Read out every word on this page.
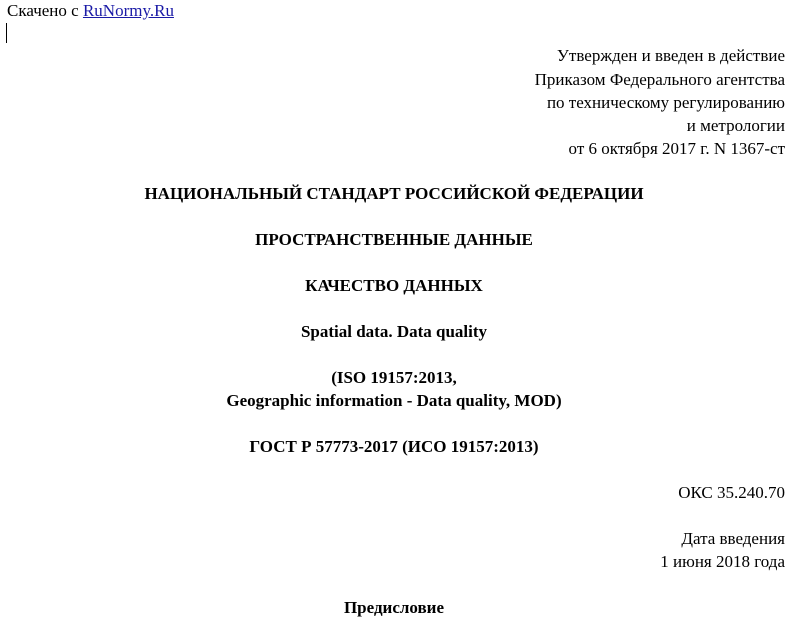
Скачено с RuNormy.Ru
Утвержден и введен в действие
Приказом Федерального агентства
по техническому регулированию
и метрологии
от 6 октября 2017 г. N 1367-ст
НАЦИОНАЛЬНЫЙ СТАНДАРТ РОССИЙСКОЙ ФЕДЕРАЦИИ
ПРОСТРАНСТВЕННЫЕ ДАННЫЕ
КАЧЕСТВО ДАННЫХ
Spatial data. Data quality
(ISO 19157:2013,
Geographic information - Data quality, MOD)
ГОСТ Р 57773-2017 (ИСО 19157:2013)
ОКС 35.240.70
Дата введения
1 июня 2018 года
Предисловие
